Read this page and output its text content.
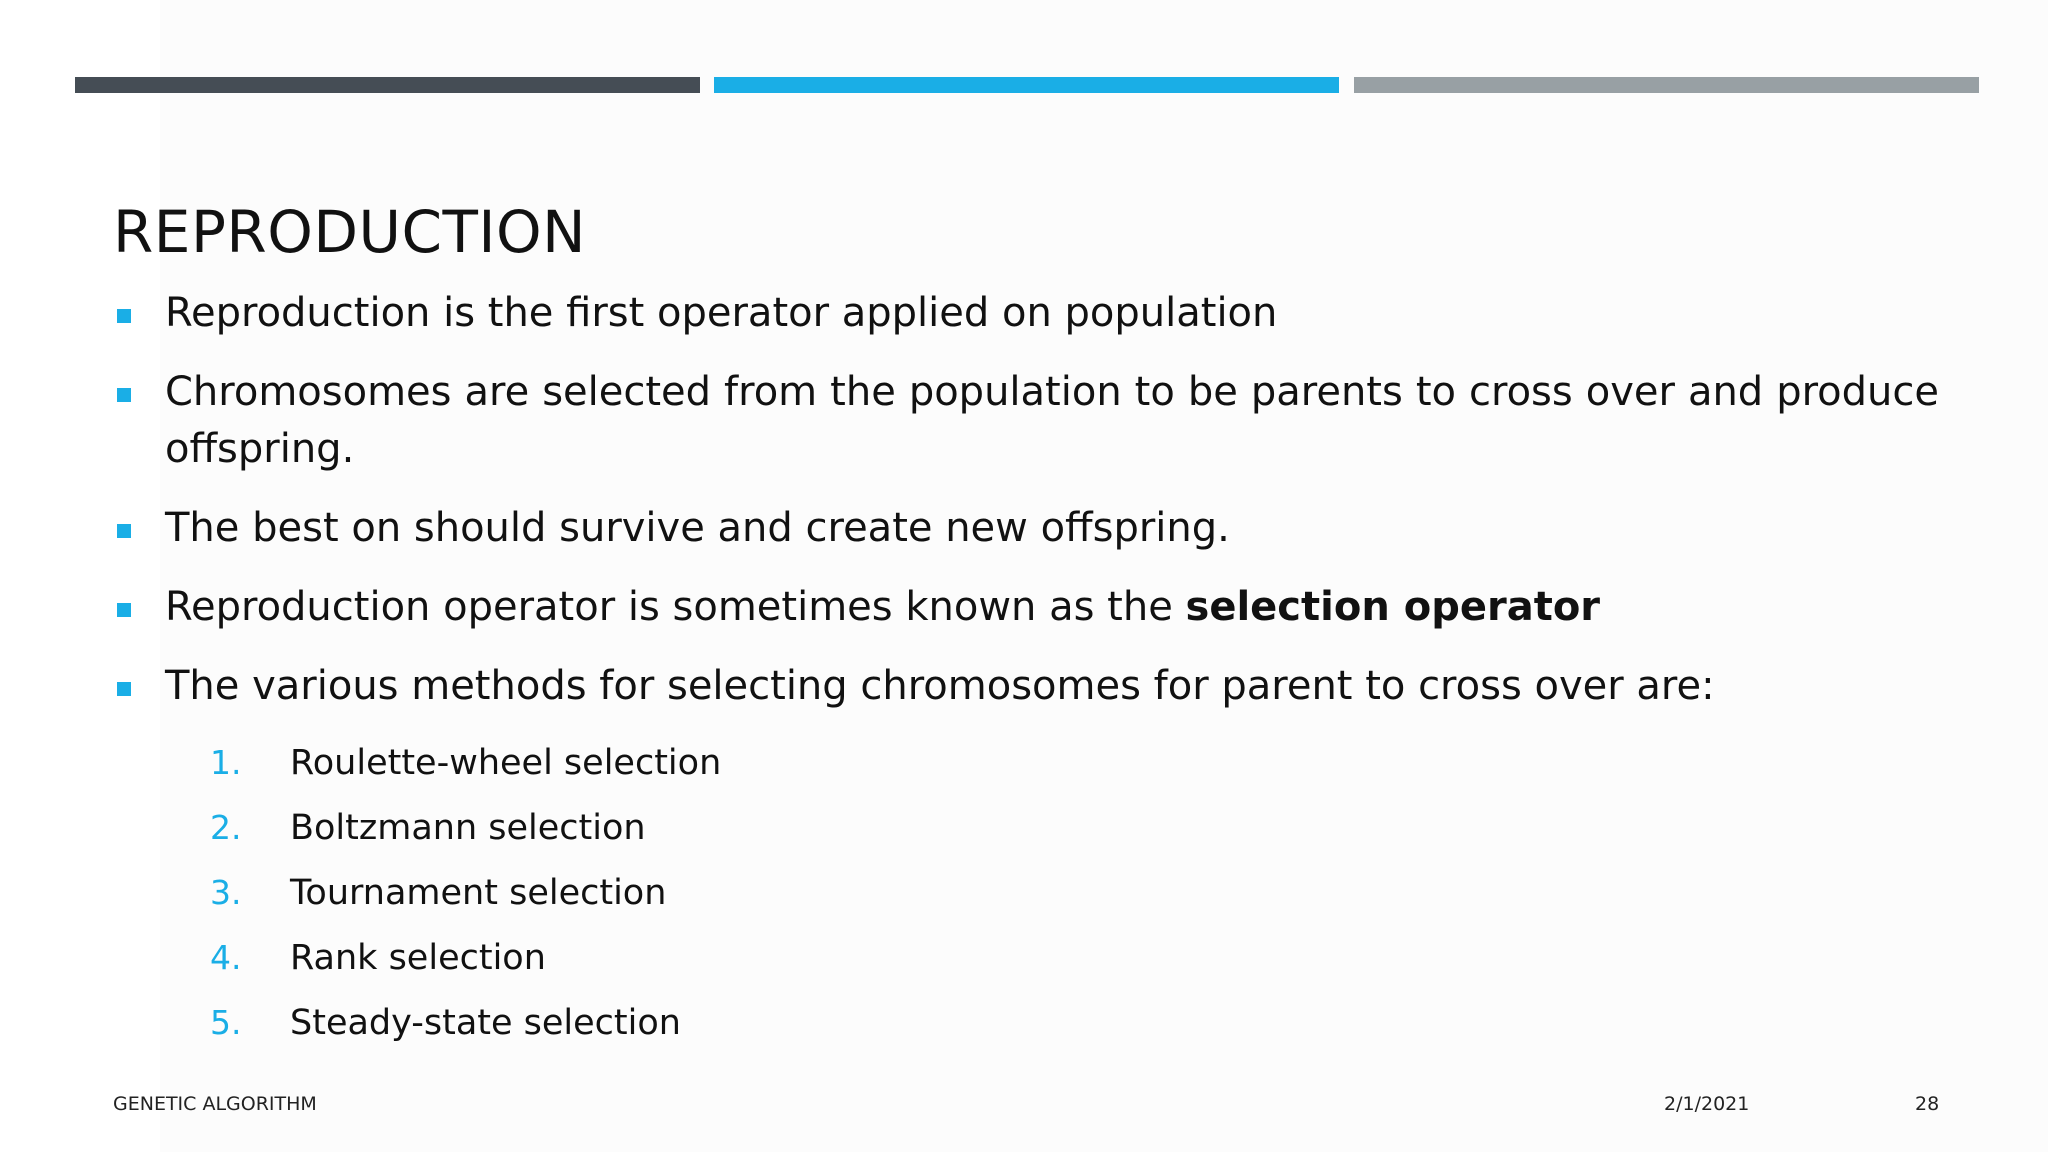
REPRODUCTION
Reproduction is the first operator applied on population
Chromosomes are selected from the population to be parents to cross over and produce offspring.
The best on should survive and create new offspring.
Reproduction operator is sometimes known as the selection operator
The various methods for selecting chromosomes for parent to cross over are:
1. Roulette-wheel selection
2. Boltzmann selection
3. Tournament selection
4. Rank selection
5. Steady-state selection
GENETIC ALGORITHM	2/1/2021	28
